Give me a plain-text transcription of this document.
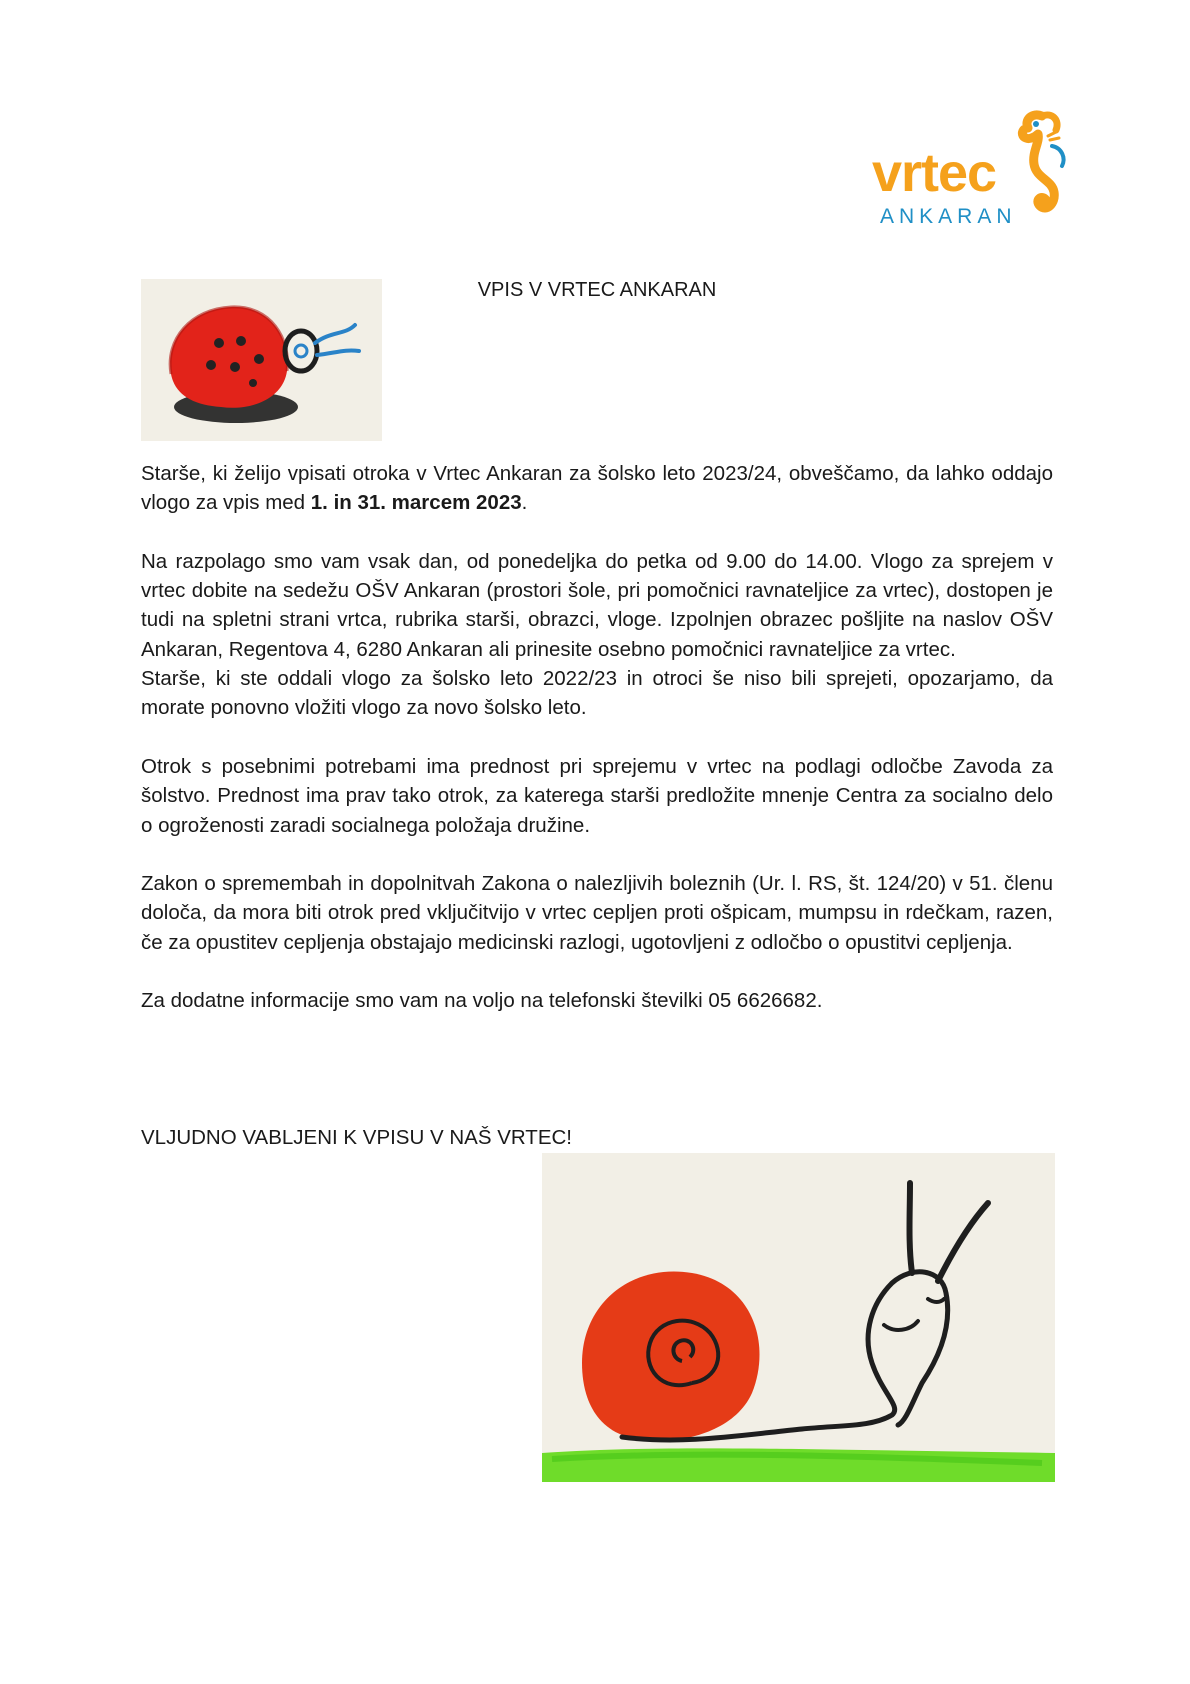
vrtec
ANKARAN
VPIS V VRTEC ANKARAN

Starše, ki želijo vpisati otroka v Vrtec Ankaran za šolsko leto 2023/24, obveščamo, da lahko oddajo vlogo za vpis med 1. in 31. marcem 2023.

Na razpolago smo vam vsak dan, od ponedeljka do petka od 9.00 do 14.00. Vlogo za sprejem v vrtec dobite na sedežu OŠV Ankaran (prostori šole, pri pomočnici ravnateljice za vrtec), dostopen je tudi na spletni strani vrtca, rubrika starši, obrazci, vloge. Izpolnjen obrazec pošljite na naslov OŠV Ankaran, Regentova 4, 6280 Ankaran ali prinesite osebno pomočnici ravnateljice za vrtec.

Starše, ki ste oddali vlogo za šolsko leto 2022/23 in otroci še niso bili sprejeti, opozarjamo, da morate ponovno vložiti vlogo za novo šolsko leto.

Otrok s posebnimi potrebami ima prednost pri sprejemu v vrtec na podlagi odločbe Zavoda za šolstvo. Prednost ima prav tako otrok, za katerega starši predložite mnenje Centra za socialno delo o ogroženosti zaradi socialnega položaja družine.

Zakon o spremembah in dopolnitvah Zakona o nalezljivih boleznih (Ur. l. RS, št. 124/20) v 51. členu določa, da mora biti otrok pred vključitvijo v vrtec cepljen proti ošpicam, mumpsu in rdečkam, razen, če za opustitev cepljenja obstajajo medicinski razlogi, ugotovljeni z odločbo o opustitvi cepljenja.

Za dodatne informacije smo vam na voljo na telefonski številki 05 6626682.

VLJUDNO VABLJENI K VPISU V NAŠ VRTEC!
